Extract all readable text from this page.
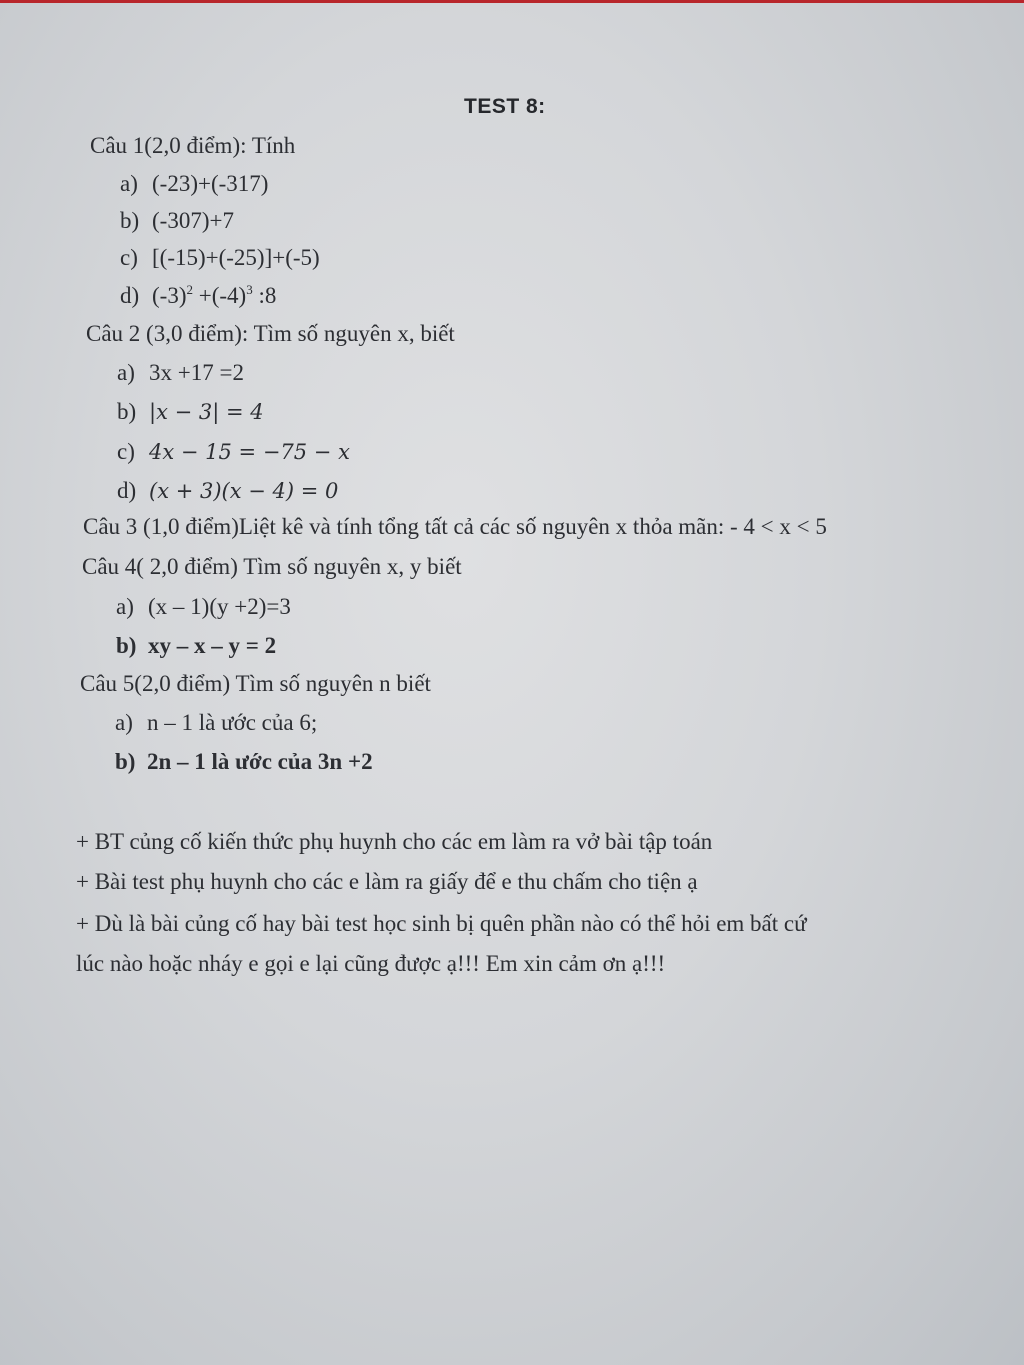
TEST 8:
Câu 1(2,0 điểm): Tính
a) (-23)+(-317)
b) (-307)+7
c) [(-15)+(-25)]+(-5)
d) $(-3)^2 +(-4)^3$ :8
Câu 2 (3,0 điểm): Tìm số nguyên x, biết
a) 3x +17 =2
b) |x − 3| = 4
c) 4x − 15 = −75 − x
d) (x + 3)(x − 4) = 0
Câu 3 (1,0 điểm)Liệt kê và tính tổng tất cả các số nguyên x thỏa mãn: - 4 < x < 5
Câu 4( 2,0 điểm) Tìm số nguyên x, y biết
a) (x – 1)(y +2)=3
b) xy – x – y = 2
Câu 5(2,0 điểm) Tìm số nguyên n biết
a) n – 1 là ước của 6;
b) 2n – 1 là ước của 3n +2
+ BT củng cố kiến thức phụ huynh cho các em làm ra vở bài tập toán
+ Bài test phụ huynh cho các e làm ra giấy để e thu chấm cho tiện ạ
+ Dù là bài củng cố hay bài test học sinh bị quên phần nào có thể hỏi em bất cứ
lúc nào hoặc nháy e gọi e lại cũng được ạ!!! Em xin cảm ơn ạ!!!
